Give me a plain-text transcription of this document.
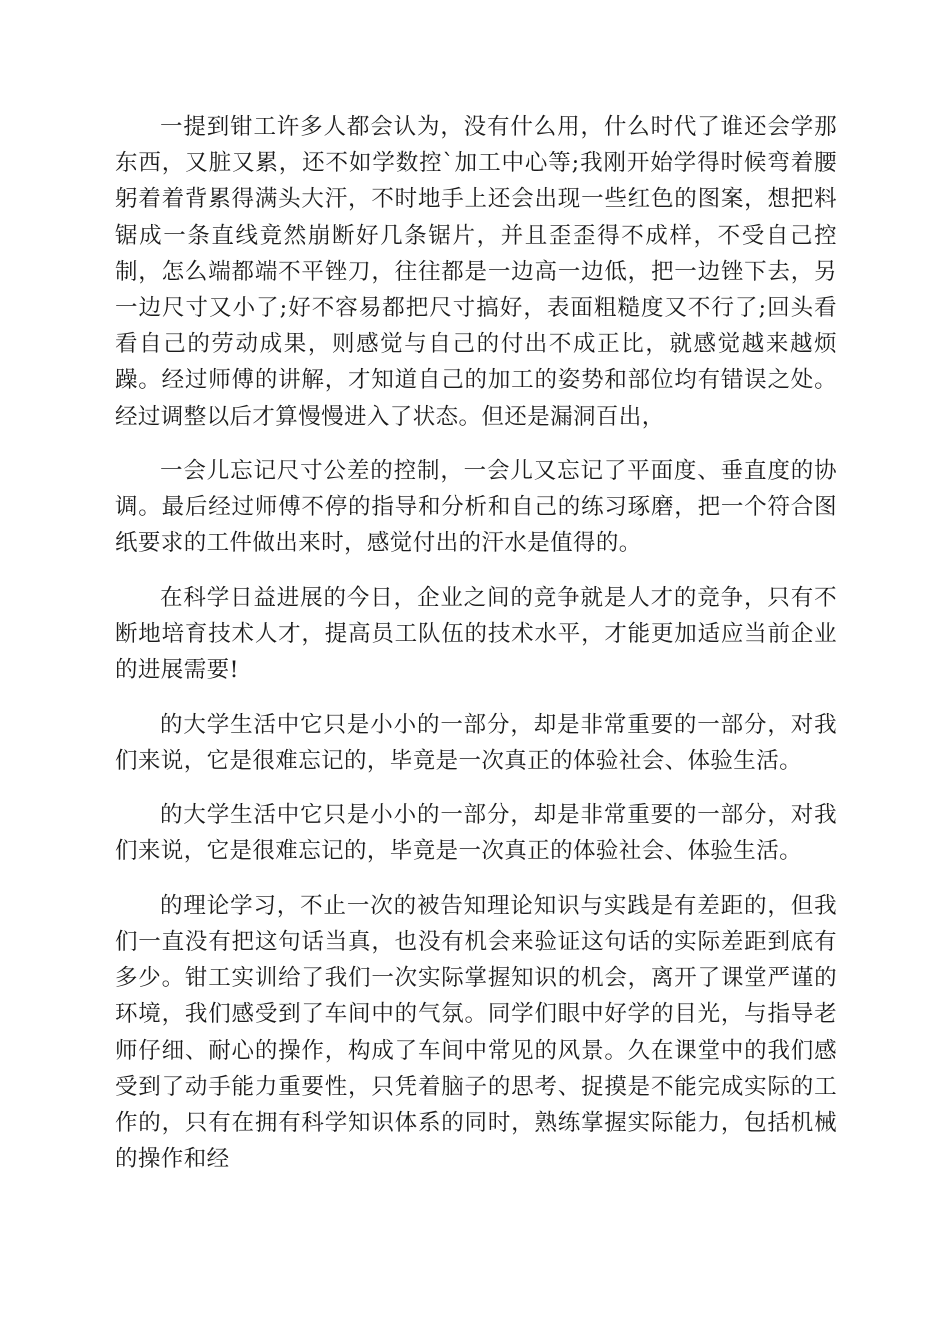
一提到钳工许多人都会认为，没有什么用，什么时代了谁还会学那东西，又脏又累，还不如学数控`加工中心等;我刚开始学得时候弯着腰躬着着背累得满头大汗，不时地手上还会出现一些红色的图案，想把料锯成一条直线竟然崩断好几条锯片，并且歪歪得不成样，不受自己控制，怎么端都端不平锉刀，往往都是一边高一边低，把一边锉下去，另一边尺寸又小了;好不容易都把尺寸搞好，表面粗糙度又不行了;回头看看自己的劳动成果，则感觉与自己的付出不成正比，就感觉越来越烦躁。经过师傅的讲解，才知道自己的加工的姿势和部位均有错误之处。经过调整以后才算慢慢进入了状态。但还是漏洞百出，

一会儿忘记尺寸公差的控制，一会儿又忘记了平面度、垂直度的协调。最后经过师傅不停的指导和分析和自己的练习琢磨，把一个符合图纸要求的工件做出来时，感觉付出的汗水是值得的。

在科学日益进展的今日，企业之间的竞争就是人才的竞争，只有不断地培育技术人才，提高员工队伍的技术水平，才能更加适应当前企业的进展需要!

的大学生活中它只是小小的一部分，却是非常重要的一部分，对我们来说，它是很难忘记的，毕竟是一次真正的体验社会、体验生活。

的大学生活中它只是小小的一部分，却是非常重要的一部分，对我们来说，它是很难忘记的，毕竟是一次真正的体验社会、体验生活。

的理论学习，不止一次的被告知理论知识与实践是有差距的，但我们一直没有把这句话当真，也没有机会来验证这句话的实际差距到底有多少。钳工实训给了我们一次实际掌握知识的机会，离开了课堂严谨的环境，我们感受到了车间中的气氛。同学们眼中好学的目光，与指导老师仔细、耐心的操作，构成了车间中常见的风景。久在课堂中的我们感受到了动手能力重要性，只凭着脑子的思考、捉摸是不能完成实际的工作的，只有在拥有科学知识体系的同时，熟练掌握实际能力，包括机械的操作和经
